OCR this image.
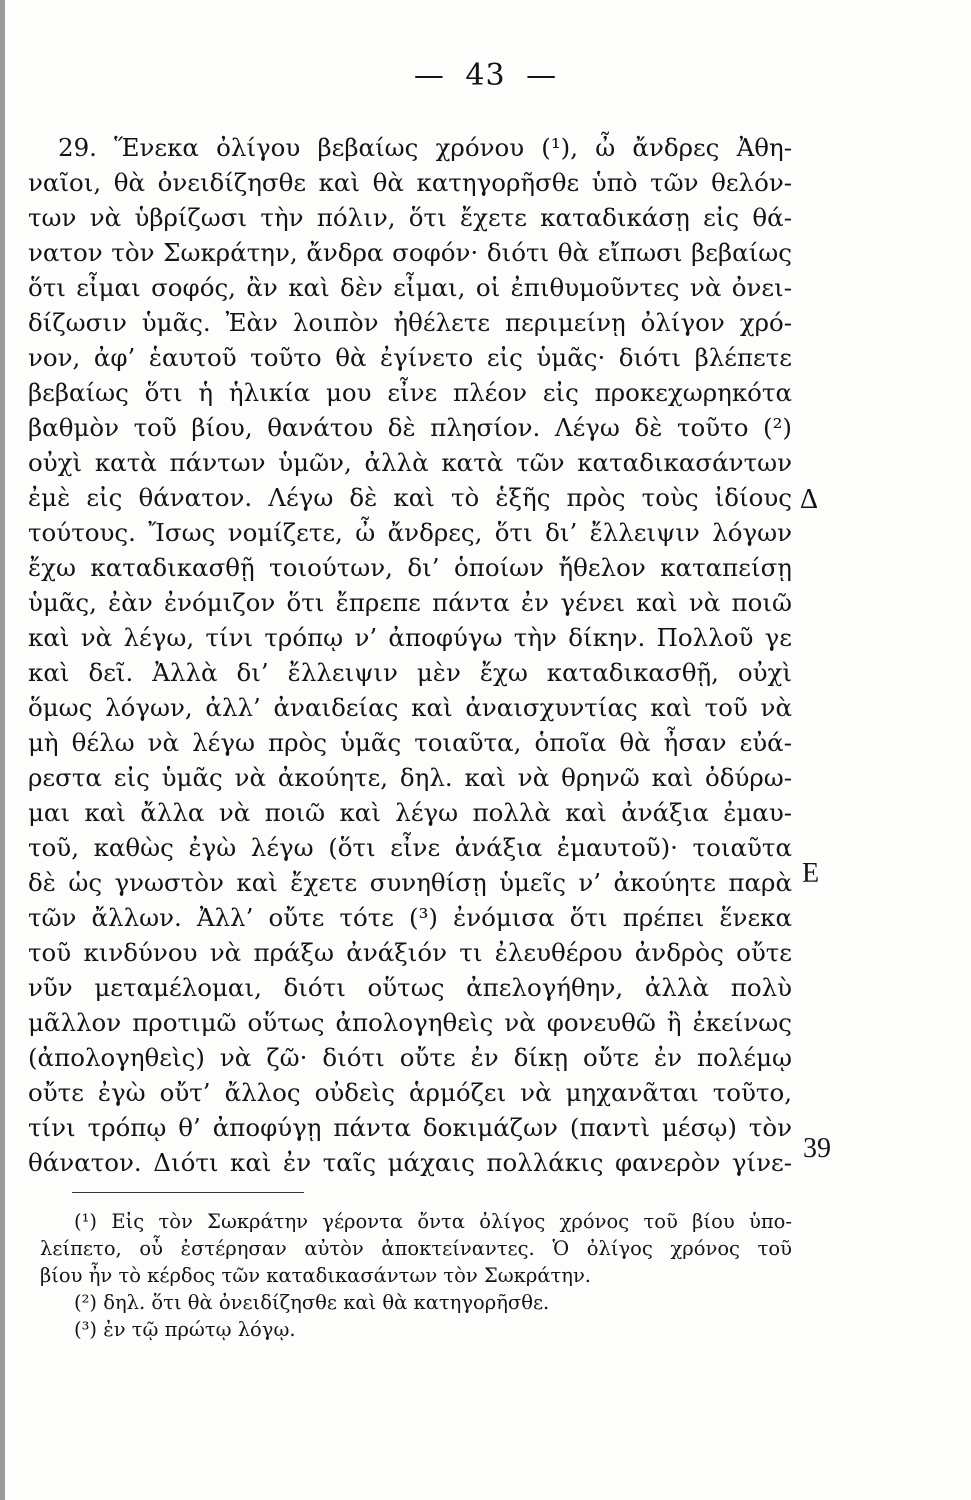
— 43 —
29. Ἕνεκα ὀλίγου βεβαίως χρόνου (¹), ὦ ἄνδρες Ἀθη-
ναῖοι, θὰ ὀνειδίζησθε καὶ θὰ κατηγορῆσθε ὑπὸ τῶν θελόν-
των νὰ ὑβρίζωσι τὴν πόλιν, ὅτι ἔχετε καταδικάσῃ εἰς θά-
νατον τὸν Σωκράτην, ἄνδρα σοφόν· διότι θὰ εἴπωσι βεβαίως
ὅτι εἶμαι σοφός, ἂν καὶ δὲν εἶμαι, οἱ ἐπιθυμοῦντες νὰ ὀνει-
δίζωσιν ὑμᾶς. Ἐὰν λοιπὸν ἠθέλετε περιμείνῃ ὀλίγον χρό-
νον, ἀφ’ ἑαυτοῦ τοῦτο θὰ ἐγίνετο εἰς ὑμᾶς· διότι βλέπετε
βεβαίως ὅτι ἡ ἡλικία μου εἶνε πλέον εἰς προκεχωρηκότα
βαθμὸν τοῦ βίου, θανάτου δὲ πλησίον. Λέγω δὲ τοῦτο (²)
οὐχὶ κατὰ πάντων ὑμῶν, ἀλλὰ κατὰ τῶν καταδικασάντων
ἐμὲ εἰς θάνατον. Λέγω δὲ καὶ τὸ ἑξῆς πρὸς τοὺς ἰδίους
τούτους. Ἴσως νομίζετε, ὦ ἄνδρες, ὅτι δι’ ἔλλειψιν λόγων
ἔχω καταδικασθῇ τοιούτων, δι’ ὁποίων ἤθελον καταπείσῃ
ὑμᾶς, ἐὰν ἐνόμιζον ὅτι ἔπρεπε πάντα ἐν γένει καὶ νὰ ποιῶ
καὶ νὰ λέγω, τίνι τρόπῳ ν’ ἀποφύγω τὴν δίκην. Πολλοῦ γε
καὶ δεῖ. Ἀλλὰ δι’ ἔλλειψιν μὲν ἔχω καταδικασθῇ, οὐχὶ
ὅμως λόγων, ἀλλ’ ἀναιδείας καὶ ἀναισχυντίας καὶ τοῦ νὰ
μὴ θέλω νὰ λέγω πρὸς ὑμᾶς τοιαῦτα, ὁποῖα θὰ ἦσαν εὐά-
ρεστα εἰς ὑμᾶς νὰ ἀκούητε, δηλ. καὶ νὰ θρηνῶ καὶ ὀδύρω-
μαι καὶ ἄλλα νὰ ποιῶ καὶ λέγω πολλὰ καὶ ἀνάξια ἐμαυ-
τοῦ, καθὼς ἐγὼ λέγω (ὅτι εἶνε ἀνάξια ἐμαυτοῦ)· τοιαῦτα
δὲ ὡς γνωστὸν καὶ ἔχετε συνηθίσῃ ὑμεῖς ν’ ἀκούητε παρὰ
τῶν ἄλλων. Ἀλλ’ οὔτε τότε (³) ἐνόμισα ὅτι πρέπει ἕνεκα
τοῦ κινδύνου νὰ πράξω ἀνάξιόν τι ἐλευθέρου ἀνδρὸς οὔτε
νῦν μεταμέλομαι, διότι οὕτως ἀπελογήθην, ἀλλὰ πολὺ
μᾶλλον προτιμῶ οὕτως ἀπολογηθεὶς νὰ φονευθῶ ἢ ἐκείνως
(ἀπολογηθεὶς) νὰ ζῶ· διότι οὔτε ἐν δίκῃ οὔτε ἐν πολέμῳ
οὔτε ἐγὼ οὔτ’ ἄλλος οὐδεὶς ἁρμόζει νὰ μηχανᾶται τοῦτο,
τίνι τρόπῳ θ’ ἀποφύγῃ πάντα δοκιμάζων (παντὶ μέσῳ) τὸν
θάνατον. Διότι καὶ ἐν ταῖς μάχαις πολλάκις φανερὸν γίνε-
Δ
Ε
39
(¹) Εἰς τὸν Σωκράτην γέροντα ὄντα ὀλίγος χρόνος τοῦ βίου ὑπο-
λείπετο, οὗ ἐστέρησαν αὐτὸν ἀποκτείναντες. Ὁ ὀλίγος χρόνος τοῦ
βίου ἦν τὸ κέρδος τῶν καταδικασάντων τὸν Σωκράτην.
(²) δηλ. ὅτι θὰ ὀνειδίζησθε καὶ θὰ κατηγορῆσθε.
(³) ἐν τῷ πρώτῳ λόγῳ.
